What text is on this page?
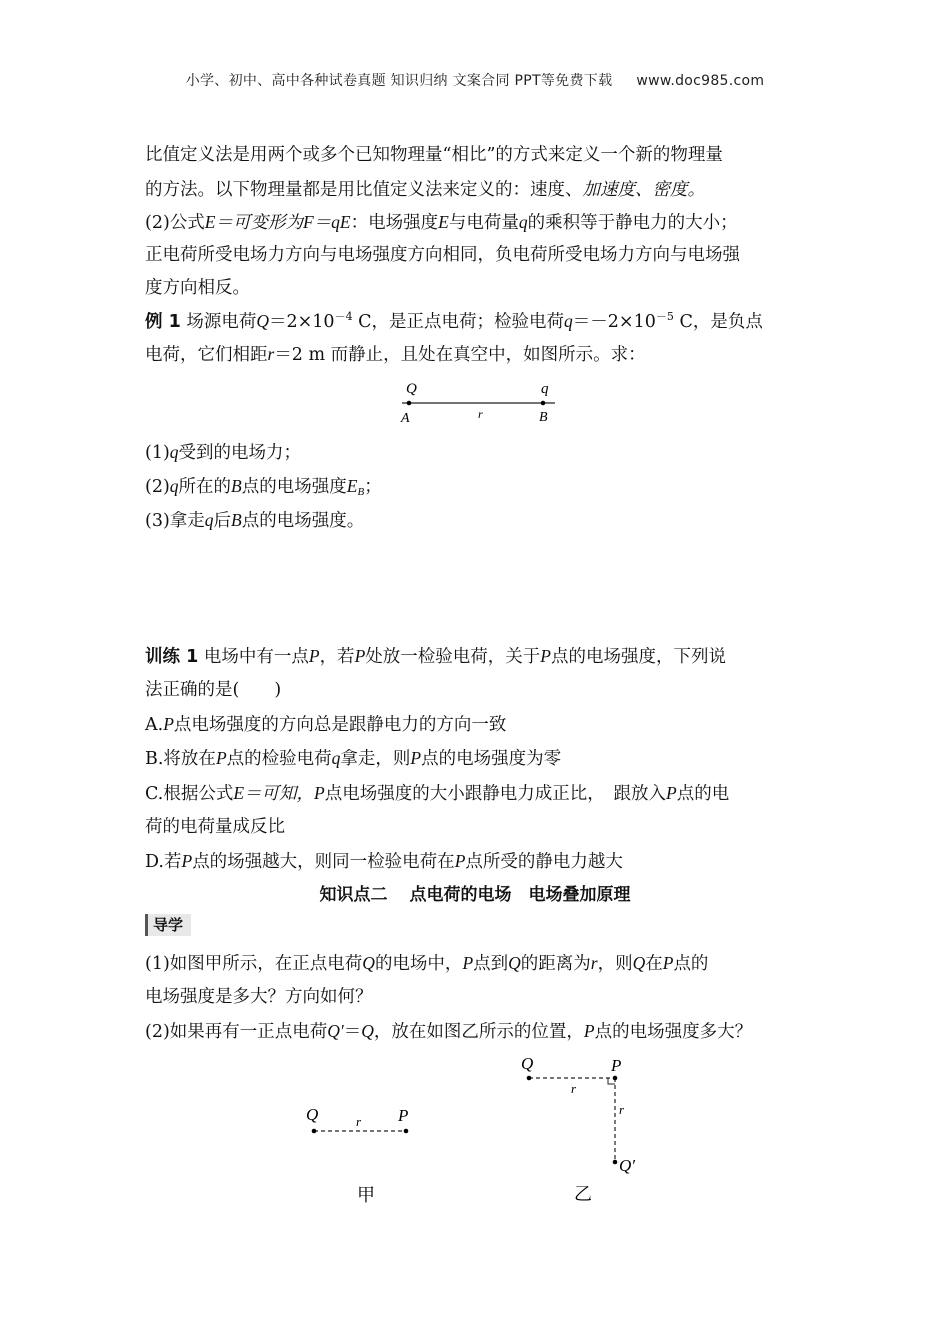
小学、初中、高中各种试卷真题 知识归纳 文案合同 PPT等免费下载 www.doc985.com
比值定义法是用两个或多个已知物理量“相比”的方式来定义一个新的物理量
的方法。以下物理量都是用比值定义法来定义的：速度、加速度、密度。
(2)公式E＝可变形为F＝qE：电场强度E与电荷量q的乘积等于静电力的大小；
正电荷所受电场力方向与电场强度方向相同，负电荷所受电场力方向与电场强
度方向相反。
例 1 场源电荷$Q=2\times 10^{-4}$ C，是正点电荷；检验电荷$q=-2\times 10^{-5}$ C，是负点
电荷，它们相距r＝2 m 而静止，且处在真空中，如图所示。求：
Q	q
A	r	B
(1)q受到的电场力；
(2)q所在的B点的电场强度$E_B$；
(3)拿走q后B点的电场强度。
训练 1 电场中有一点P，若P处放一检验电荷，关于P点的电场强度，下列说
法正确的是(　　)
A.P点电场强度的方向总是跟静电力的方向一致
B.将放在P点的检验电荷q拿走，则P点的电场强度为零
C.根据公式E＝可知，P点电场强度的大小跟静电力成正比，　跟放入P点的电
荷的电荷量成反比
D.若P点的场强越大，则同一检验电荷在P点所受的静电力越大
知识点二 点电荷的电场　电场叠加原理
导学
(1)如图甲所示，在正点电荷Q的电场中，P点到Q的距离为r，则Q在P点的
电场强度是多大？方向如何？
(2)如果再有一正点电荷Q′＝Q，放在如图乙所示的位置，P点的电场强度多大？
Q	P
r
甲
Q	P
r
r
Q′
乙
